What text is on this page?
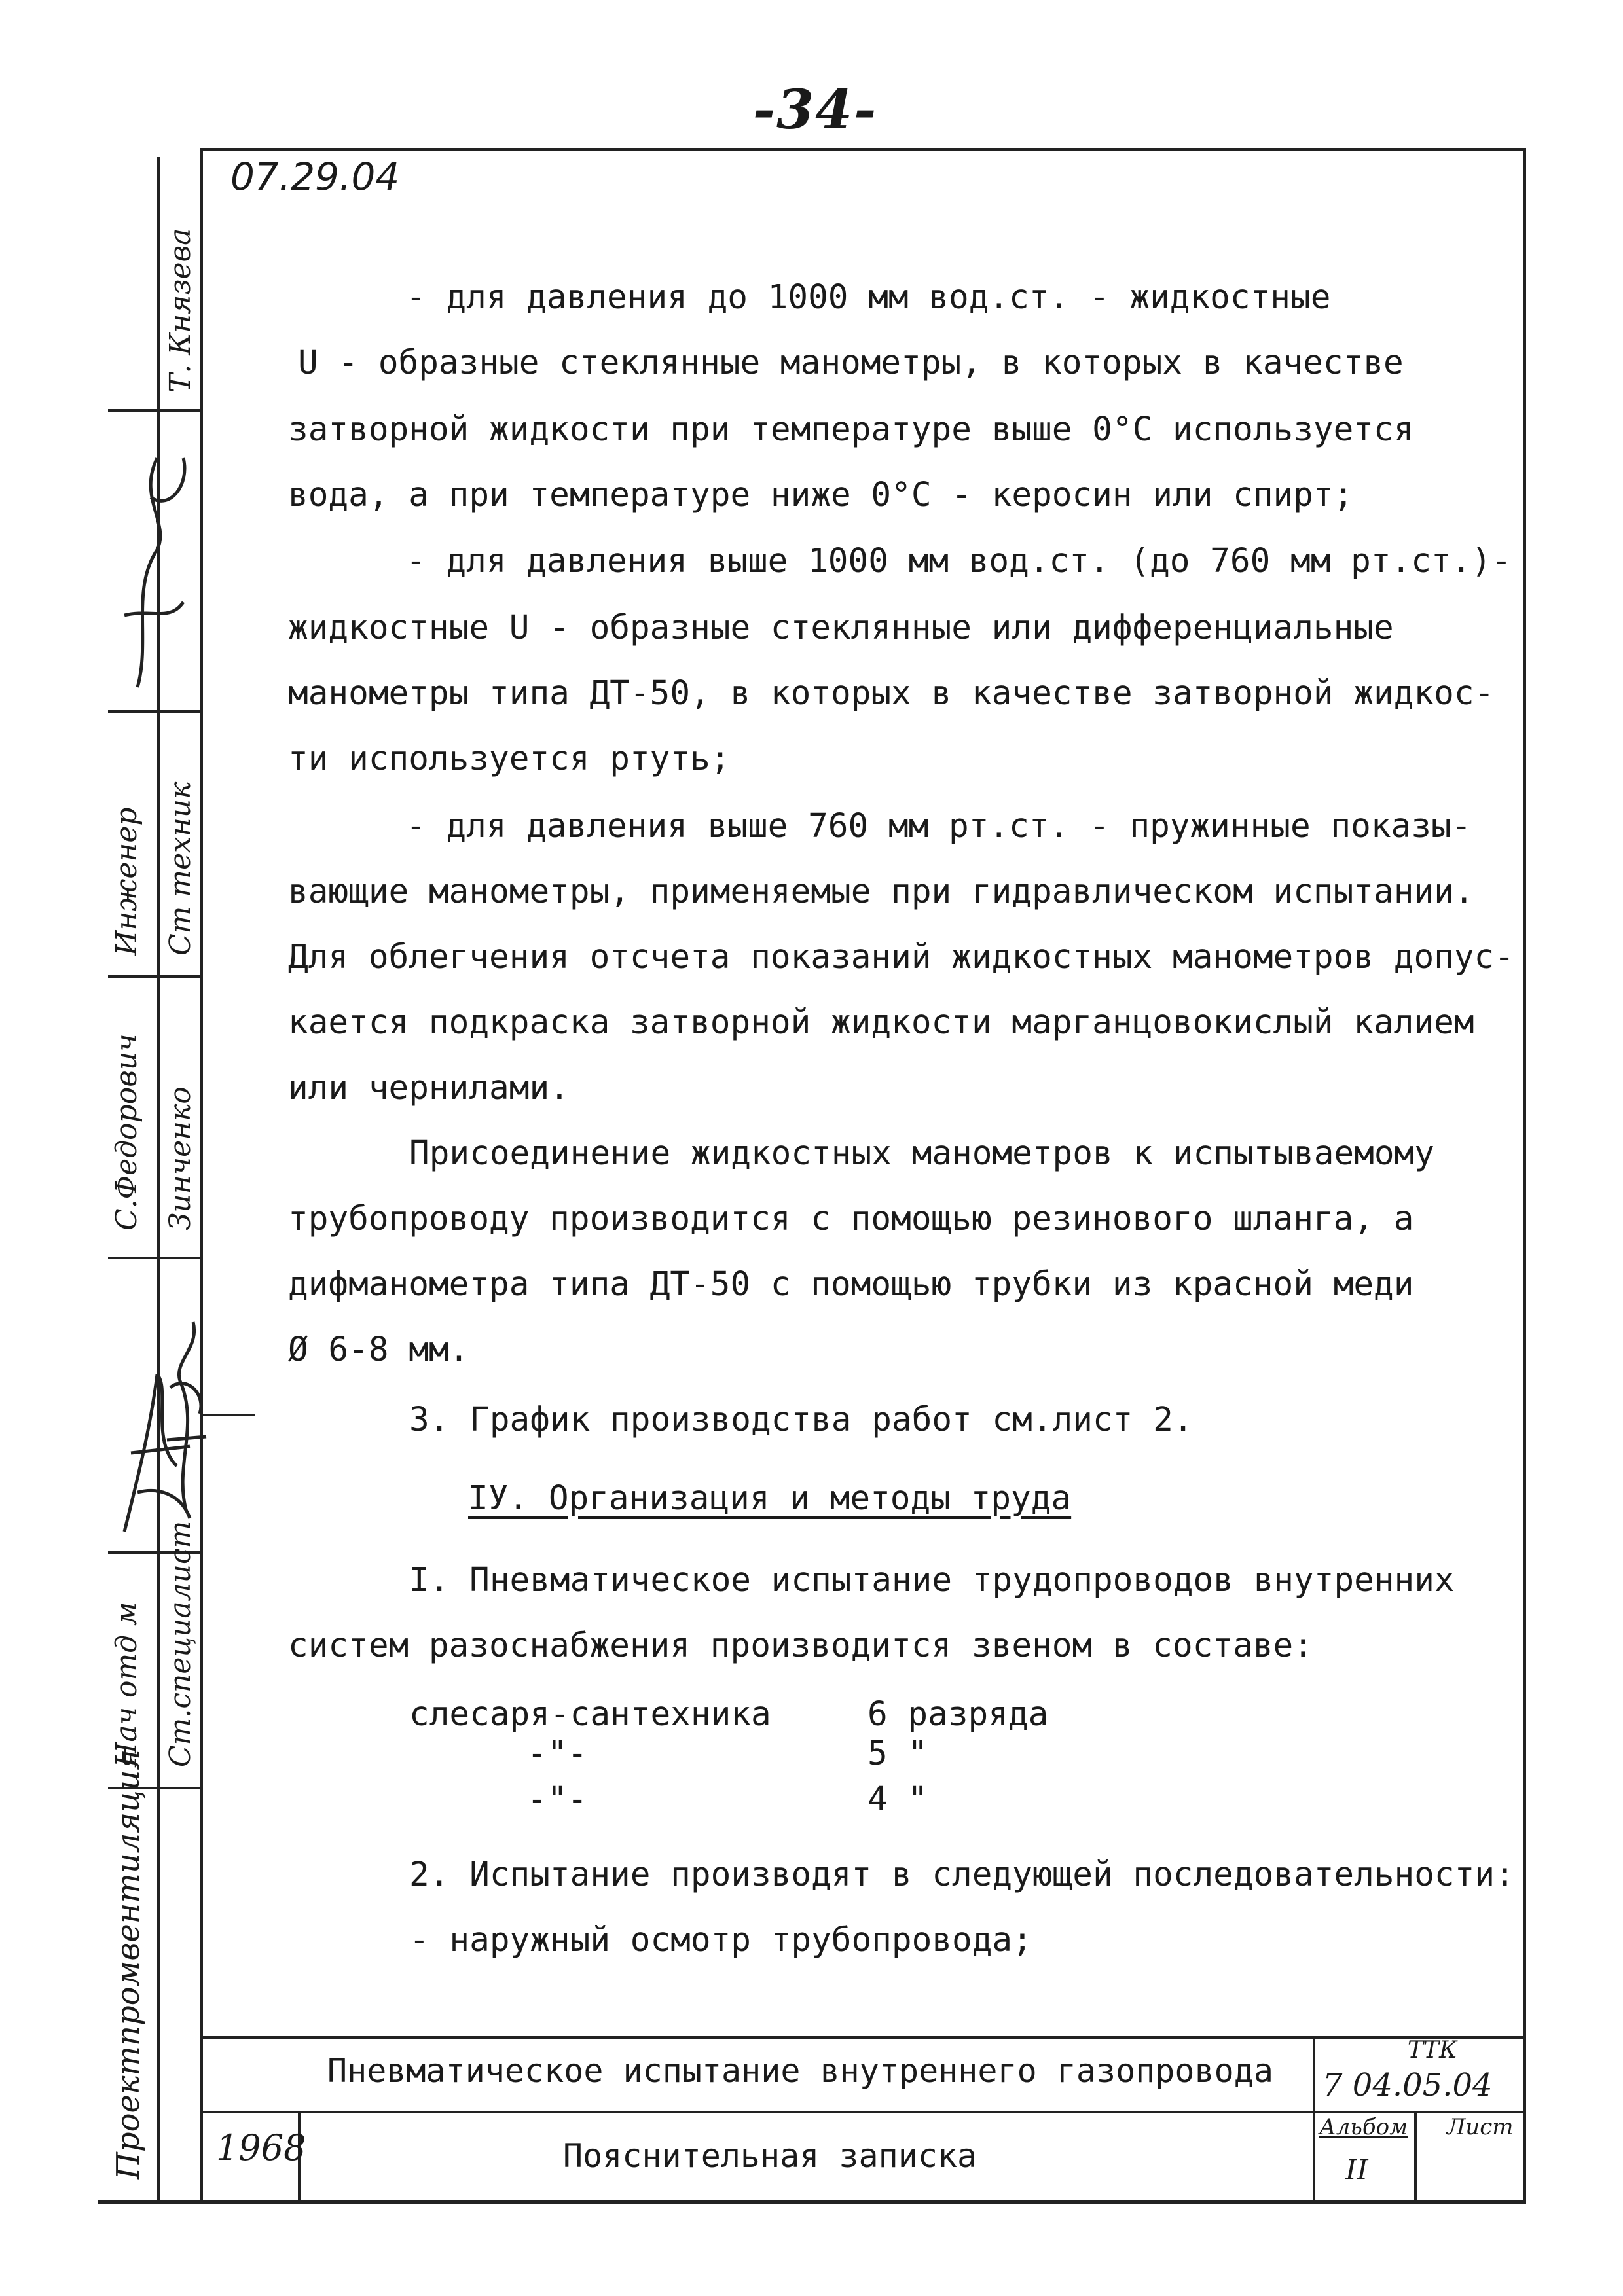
-34-
07.29.04
Проектпромвентиляция
Нач отд м Ст.специалист
С.Федорович Зинченко
Инженер Ст техник
Т. Князева	- для давления до 1000 мм вод.ст. - жидкостные
U - образные стеклянные манометры, в которых в качестве
затворной жидкости при температуре выше 0°С используется
вода, а при температуре ниже 0°С - керосин или спирт;
- для давления выше 1000 мм вод.ст. (до 760 мм рт.ст.)-
жидкостные U - образные стеклянные или дифференциальные
манометры типа ДТ-50, в которых в качестве затворной жидкос-
ти используется ртуть;
- для давления выше 760 мм рт.ст. - пружинные показы-
вающие манометры, применяемые при гидравлическом испытании.
Для облегчения отсчета показаний жидкостных манометров допус-
кается подкраска затворной жидкости марганцовокислый калием
или чернилами.
Присоединение жидкостных манометров к испытываемому
трубопроводу производится с помощью резинового шланга, а
дифманометра типа ДТ-50 с помощью трубки из красной меди
Ø 6-8 мм.
3. График производства работ см.лист 2.
IУ. Организация и методы труда
I. Пневматическое испытание трудопроводов внутренних
систем разоснабжения производится звеном в составе:
слесаря-сантехника	6 разряда
-"-	5 "
-"-	4 "
2. Испытание производят в следующей последовательности:
- наружный осмотр трубопровода;
Пневматическое испытание внутреннего газопровода
Пояснительная записка
1968
ТТК
7 04.05.04
Альбом
II
Лист
